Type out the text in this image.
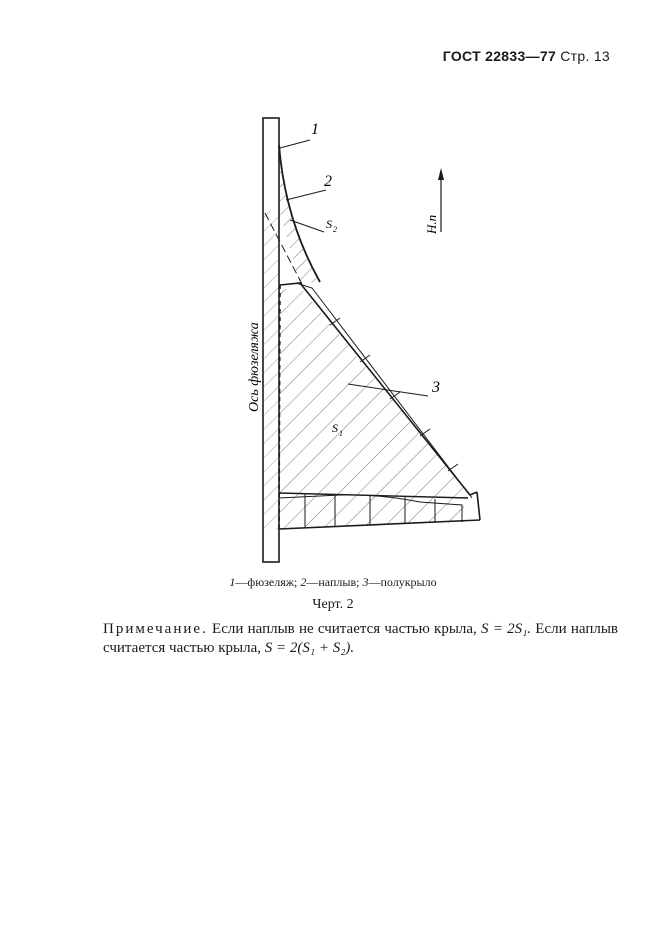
ГОСТ 22833—77 Стр. 13
1
2
3
S 2
S 1
Ось фюзеляжа
Н.п
1—фюзеляж; 2—наплыв; 3—полукрыло
Черт. 2
Примечание. Если наплыв не считается частью крыла, S = 2S₁. Если наплыв считается частью крыла, S = 2(S₁ + S₂).
